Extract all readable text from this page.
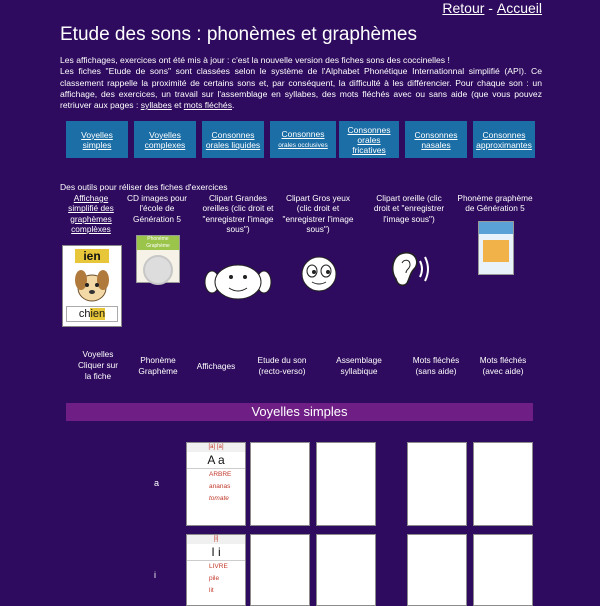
Retour - Accueil
Etude des sons : phonèmes et graphèmes
Les affichages, exercices ont été mis à jour : c'est la nouvelle version des fiches sons des coccinelles !
Les fiches "Etude de sons" sont classées selon le système de l'Alphabet Phonétique Internationnal simplifié (API). Ce classement rappelle la proximité de certains sons et, par conséquent, la difficulté à les différencier. Pour chaque son : un affichage, des exercices, un travail sur l'assemblage en syllabes, des mots fléchés avec ou sans aide (que vous pouvez retriuver aux pages : syllabes et mots fléchés.
Voyelles
simples
Voyelles
complexes
Consonnes
orales liquides
Consonnes
orales occlusives
Consonnes
orales
fricatives
Consonnes
nasales
Consonnes
approximantes
Des outils pour réliser des fiches d'exercices
Affichage simplifié des graphèmes complèxes
ien
chien
CD images pour l'école de Génération 5
Phonème Graphème
Clipart Grandes oreilles (clic droit et "enregistrer l'image sous")
Clipart Gros yeux (clic droit et "enregistrer l'image sous")
Clipart oreille (clic droit et "enregistrer l'image sous")
Phonème graphème de Génération 5
Voyelles Cliquer sur la fiche
Phonème Graphème	Affichages
Etude du son (recto-verso)
Assemblage syllabique
Mots fléchés (sans aide)
Mots fléchés (avec aide)
Voyelles simples
a
[a] [a]
A a
ARBRE
ananas
tomate
i
[i]
I i
LIVRE
pile
lit
